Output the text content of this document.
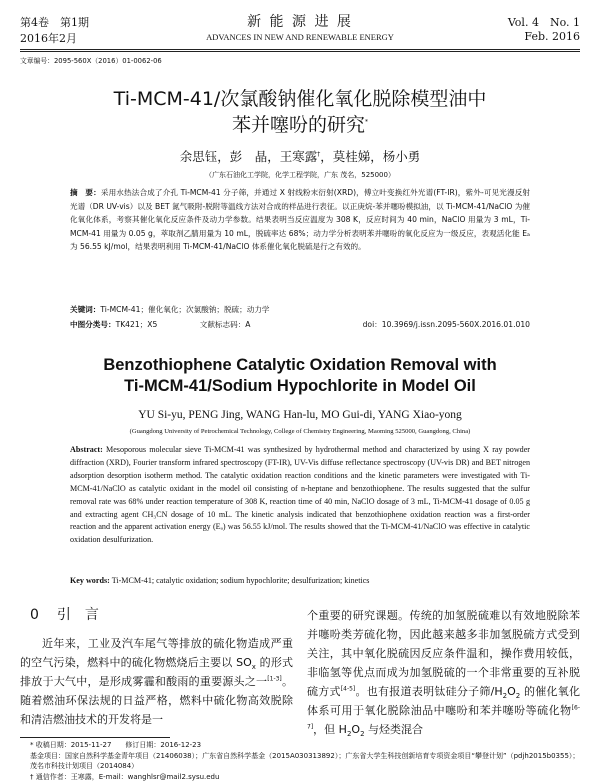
第4卷　第1期
2016年2月
新 能 源 进 展
ADVANCES IN NEW AND RENEWABLE ENERGY
Vol. 4　No. 1
Feb. 2016
文章编号：2095-560X（2016）01-0062-06
Ti-MCM-41/次氯酸钠催化氧化脱除模型油中
苯并噻吩的研究*
余思钰，彭　晶，王寒露†，莫桂娣，杨小勇
（广东石油化工学院，化学工程学院，广东 茂名，525000）
摘　要：采用水热法合成了介孔 Ti-MCM-41 分子筛，并通过 X 射线粉末衍射(XRD)，傅立叶变换红外光谱(FT-IR)，紫外-可见光漫反射光谱（DR UV-vis）以及 BET 氮气吸附-脱附等温线方法对合成的样品进行表征。以正庚烷-苯并噻吩模拟油，以 Ti-MCM-41/NaClO 为催化氧化体系，考察其催化氧化反应条件及动力学参数。结果表明当反应温度为 308 K，反应时间为 40 min，NaClO 用量为 3 mL，Ti-MCM-41 用量为 0.05 g，萃取剂乙腈用量为 10 mL，脱硫率达 68%；动力学分析表明苯并噻吩的氧化反应为一级反应，表观活化能 Eₐ 为 56.55 kJ/mol，结果表明利用 Ti-MCM-41/NaClO 体系催化氧化脱硫是行之有效的。
关键词：Ti-MCM-41；催化氧化；次氯酸钠；脱硫；动力学
中图分类号：TK421；X5	文献标志码：A	doi：10.3969/j.issn.2095-560X.2016.01.010
Benzothiophene Catalytic Oxidation Removal with
Ti-MCM-41/Sodium Hypochlorite in Model Oil
YU Si-yu, PENG Jing, WANG Han-lu, MO Gui-di, YANG Xiao-yong
(Guangdong University of Petrochemical Technology, College of Chemistry Engineering, Maoming 525000, Guangdong, China)
Abstract: Mesoporous molecular sieve Ti-MCM-41 was synthesized by hydrothermal method and characterized by using X ray powder diffraction (XRD), Fourier transform infrared spectroscopy (FT-IR), UV-Vis diffuse reflectance spectroscopy (UV-vis DR) and BET nitrogen adsorption desorption isotherm method. The catalytic oxidation reaction conditions and the kinetic parameters were investigated with Ti-MCM-41/NaClO as catalytic oxidant in the model oil consisting of n-heptane and benzothiophene. The results suggested that the sulfur removal rate was 68% under reaction temperature of 308 K, reaction time of 40 min, NaClO dosage of 3 mL, Ti-MCM-41 dosage of 0.05 g and extracting agent CH₃CN dosage of 10 mL. The kinetic analysis indicated that benzothiophene oxidation reaction was a first-order reaction and the apparent activation energy (Eₐ) was 56.55 kJ/mol. The results showed that the Ti-MCM-41/NaClO was effective in catalytic oxidation desulfurization.
Key words: Ti-MCM-41; catalytic oxidation; sodium hypochlorite; desulfurization; kinetics
0 引　言
近年来，工业及汽车尾气等排放的硫化物造成严重的空气污染，燃料中的硫化物燃烧后主要以 $SO_x$ 的形式排放于大气中，是形成雾霾和酸雨的重要源头之一[1-3]。随着燃油环保法规的日益严格，燃料中硫化物高效脱除和清洁燃油技术的开发将是一
个重要的研究课题。传统的加氢脱硫难以有效地脱除苯并噻吩类芳硫化物，因此越来越多非加氢脱硫方式受到关注，其中氧化脱硫因反应条件温和，操作费用较低，非临氢等优点而成为加氢脱硫的一个非常重要的互补脱硫方式[4-5]。也有报道表明钛硅分子筛$/H_2O_2$ 的催化氧化体系可用于氧化脱除油品中噻吩和苯并噻吩等硫化物[6-7]，但 $H_2O_2$ 与烃类混合
* 收稿日期：2015-11-27　　修订日期：2016-12-23
基金项目：国家自然科学基金青年项目（21406038）；广东省自然科学基金（2015A030313892）；广东省大学生科技创新培育专项资金项目“攀登计划”（pdjh2015b0355）；茂名市科技计划项目（2014084）
† 通信作者：王寒露，E-mail：wanghlsr@mail2.sysu.edu
